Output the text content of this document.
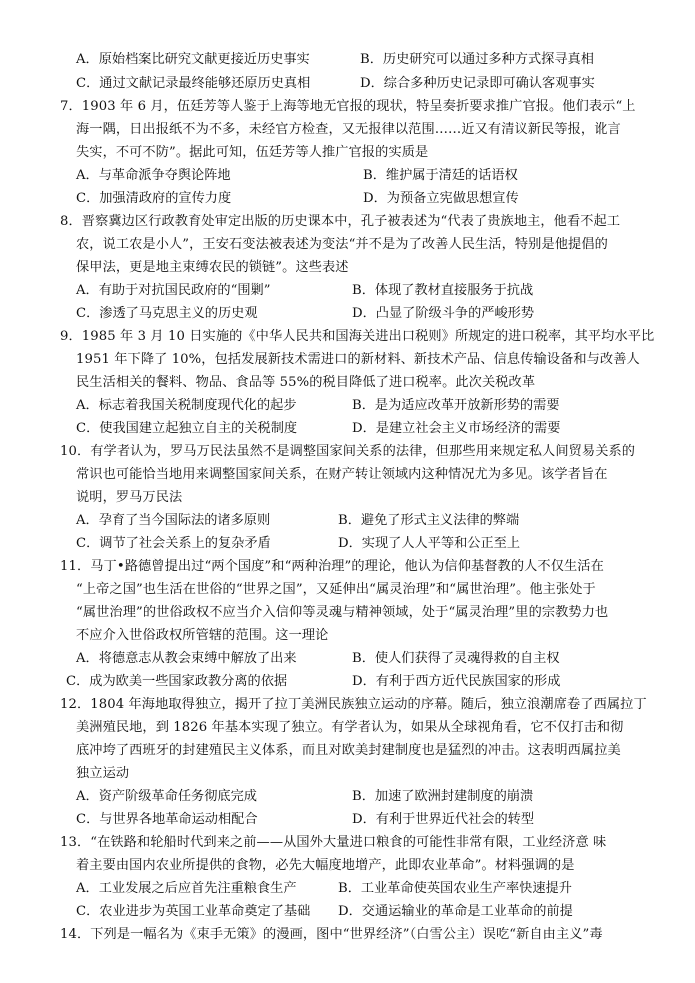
A．原始档案比研究文献更接近历史事实	B．历史研究可以通过多种方式探寻真相
C．通过文献记录最终能够还原历史真相	D．综合多种历史记录即可确认客观事实
7．1903 年 6 月，伍廷芳等人鉴于上海等地无官报的现状，特呈奏折要求推广官报。他们表示“上
海一隅，日出报纸不为不多，未经官方检查，又无报律以范围……近又有清议新民等报，讹言
失实，不可不防”。据此可知，伍廷芳等人推广官报的实质是
A．与革命派争夺舆论阵地	B．维护属于清廷的话语权
C．加强清政府的宣传力度	D．为预备立宪做思想宣传
8．晋察冀边区行政教育处审定出版的历史课本中，孔子被表述为“代表了贵族地主，他看不起工
农，说工农是小人”，王安石变法被表述为变法“并不是为了改善人民生活，特别是他提倡的
保甲法，更是地主束缚农民的锁链”。这些表述
A．有助于对抗国民政府的“围剿”	B．体现了教材直接服务于抗战
C．渗透了马克思主义的历史观	D．凸显了阶级斗争的严峻形势
9．1985 年 3 月 10 日实施的《中华人民共和国海关进出口税则》所规定的进口税率，其平均水平比
1951 年下降了 10%，包括发展新技术需进口的新材料、新技术产品、信息传输设备和与改善人
民生活相关的餐料、物品、食品等 55%的税目降低了进口税率。此次关税改革
A．标志着我国关税制度现代化的起步	B．是为适应改革开放新形势的需要
C．使我国建立起独立自主的关税制度	D．是建立社会主义市场经济的需要
10．有学者认为，罗马万民法虽然不是调整国家间关系的法律，但那些用来规定私人间贸易关系的
常识也可能恰当地用来调整国家间关系，在财产转让领域内这种情况尤为多见。该学者旨在
说明，罗马万民法
A．孕育了当今国际法的诸多原则	B．避免了形式主义法律的弊端
C．调节了社会关系上的复杂矛盾	D．实现了人人平等和公正至上
11．马丁•路德曾提出过“两个国度”和“两种治理”的理论，他认为信仰基督教的人不仅生活在
“上帝之国”也生活在世俗的“世界之国”，又延伸出“属灵治理”和“属世治理”。他主张处于
“属世治理”的世俗政权不应当介入信仰等灵魂与精神领域，处于“属灵治理”里的宗教势力也
不应介入世俗政权所管辖的范围。这一理论
A．将德意志从教会束缚中解放了出来	B．使人们获得了灵魂得救的自主权
C．成为欧美一些国家政教分离的依据	D．有利于西方近代民族国家的形成
12．1804 年海地取得独立，揭开了拉丁美洲民族独立运动的序幕。随后，独立浪潮席卷了西属拉丁
美洲殖民地，到 1826 年基本实现了独立。有学者认为，如果从全球视角看，它不仅打击和彻
底冲垮了西班牙的封建殖民主义体系，而且对欧美封建制度也是猛烈的冲击。这表明西属拉美
独立运动
A．资产阶级革命任务彻底完成	B．加速了欧洲封建制度的崩溃
C．与世界各地革命运动相配合	D．有利于世界近代社会的转型
13．“在铁路和轮船时代到来之前——从国外大量进口粮食的可能性非常有限，工业经济意 味
着主要由国内农业所提供的食物，必先大幅度地增产，此即农业革命”。材料强调的是
A．工业发展之后应首先注重粮食生产	B．工业革命使英国农业生产率快速提升
C．农业进步为英国工业革命奠定了基础 D．交通运输业的革命是工业革命的前提
14．下列是一幅名为《束手无策》的漫画，图中“世界经济”（白雪公主）误吃“新自由主义”毒
